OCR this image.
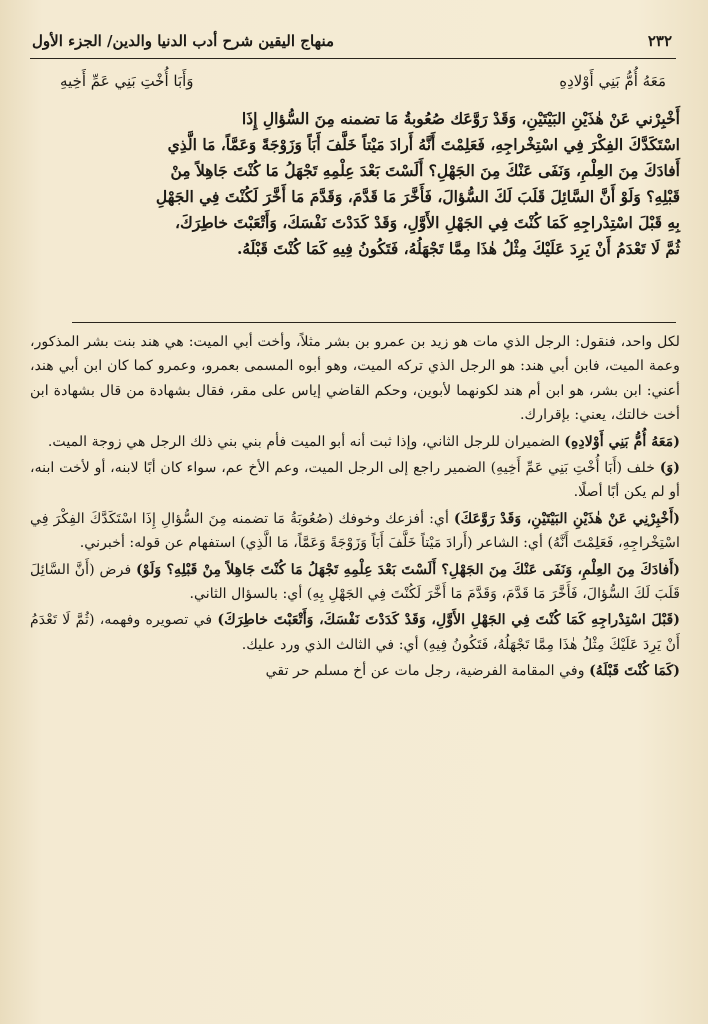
٢٣٢
منهاج اليقين شرح أدب الدنيا والدين/ الجزء الأول
مَعَهُ أُمُّ بَنِي أَوْلادِهِ
وَأَبَا أُخْتِ بَنِي عَمِّ أَخِيهِ

أَخْبِرْني عَنْ هٰذَيْنِ البَيْتَيْنِ، وَقَدْ رَوَّعَك صُعُوبةُ مَا تضمنه مِنَ السُّؤالِ إِذَا

اسْتَكَدَّكَ الفِكْرَ فِي اسْتِخْراجِهِ، فَعَلِمْتَ أَنَّهُ أَرادَ مَيْتاً خَلَّفَ أَبَاً وَزَوْجَةً وَعَمَّاً، مَا الَّذِي

أَفادَكَ مِنَ العِلْمِ، وَنَفَى عَنْكَ مِنَ الجَهْلِ؟ أَلَسْتَ بَعْدَ عِلْمِهِ تَجْهَلُ مَا كُنْتَ جَاهِلاً مِنْ

قَبْلِهِ؟ وَلَوْ أَنَّ السَّائِلَ قَلَبَ لَكَ السُّؤالَ، فَأَخَّرَ مَا قَدَّمَ، وَقَدَّمَ مَا أَخَّرَ لَكُنْتَ فِي الجَهْلِ

بِهِ قَبْلَ اسْتِدْراجِهِ كَمَا كُنْتَ فِي الجَهْلِ الأَوَّلِ، وَقَدْ كَدَدْتَ نَفْسَكَ، وَأَتْعَبْتَ خاطِرَكَ،

ثُمَّ لَا تَعْدَمُ أَنْ يَرِدَ عَلَيْكَ مِثْلُ هٰذَا مِمَّا تَجْهَلُهُ، فَتَكُونُ فِيهِ كَمَا كُنْتَ قَبْلَهُ.

لكل واحد، فنقول: الرجل الذي مات هو زيد بن عمرو بن بشر مثلاً، وأخت أبي الميت: هي هند بنت بشر المذكور، وعمة الميت، فابن أبي هند: هو الرجل الذي تركه الميت، وهو أبوه المسمى بعمرو، وعمرو كما كان ابن أبي هند، أعني: ابن بشر، هو ابن أم هند لكونهما لأبوين، وحكم القاضي إياس على مقر، فقال بشهادة من قال بشهادة ابن أخت خالتك، يعني: بإقرارك.

(مَعَهُ أُمُّ بَنِي أَوْلادِهِ) الضميران للرجل الثاني، وإذا ثبت أنه أبو الميت فأم بني بني ذلك الرجل هي زوجة الميت.

(وَ) خلف (أَبَا أُخْتِ بَنِي عَمِّ أَخِيهِ) الضمير راجع إلى الرجل الميت، وعم الأخ عم، سواء كان أبًا لابنه، أو لأخت ابنه، أو لم يكن أبًا أصلًا.

(أَخْبِرْنِي عَنْ هٰذَيْنِ البَيْتَيْنِ، وَقَدْ رَوَّعَكَ) أي: أفزعك وخوفك (صُعُوبَةُ مَا تضمنه مِنَ السُّؤالِ إِذَا اسْتَكَدَّكَ الفِكْرَ فِي اسْتِخْراجِهِ، فَعَلِمْتَ أَنَّهُ) أي: الشاعر (أَرادَ مَيْتاً خَلَّفَ أَبَاً وَزَوْجَةً وَعَمَّاً، مَا الَّذِي) استفهام عن قوله: أخبرني.

(أَفادَكَ مِنَ العِلْمِ، وَنَفَى عَنْكَ مِنَ الجَهْلِ؟ أَلَسْتَ بَعْدَ عِلْمِهِ تَجْهَلُ مَا كُنْتَ جَاهِلاً مِنْ قَبْلِهِ؟ وَلَوْ) فرض (أَنَّ السَّائِلَ قَلَبَ لَكَ السُّؤالَ، فَأَخَّرَ مَا قَدَّمَ، وَقَدَّمَ مَا أَخَّرَ لَكُنْتَ فِي الجَهْلِ بِهِ) أي: بالسؤال الثاني.

(قَبْلَ اسْتِدْراجِهِ كَمَا كُنْتَ فِي الجَهْلِ الأَوَّلِ، وَقَدْ كَدَدْتَ نَفْسَكَ، وَأَتْعَبْتَ خاطِرَكَ) في تصويره وفهمه، (ثُمَّ لَا تَعْدَمُ أَنْ يَرِدَ عَلَيْكَ مِثْلُ هٰذَا مِمَّا تَجْهَلُهُ، فَتَكُونُ فِيهِ) أي: في الثالث الذي ورد عليك.

(كَمَا كُنْتَ قَبْلَهُ) وفي المقامة الفرضية، رجل مات عن أخ مسلم حر تقي
